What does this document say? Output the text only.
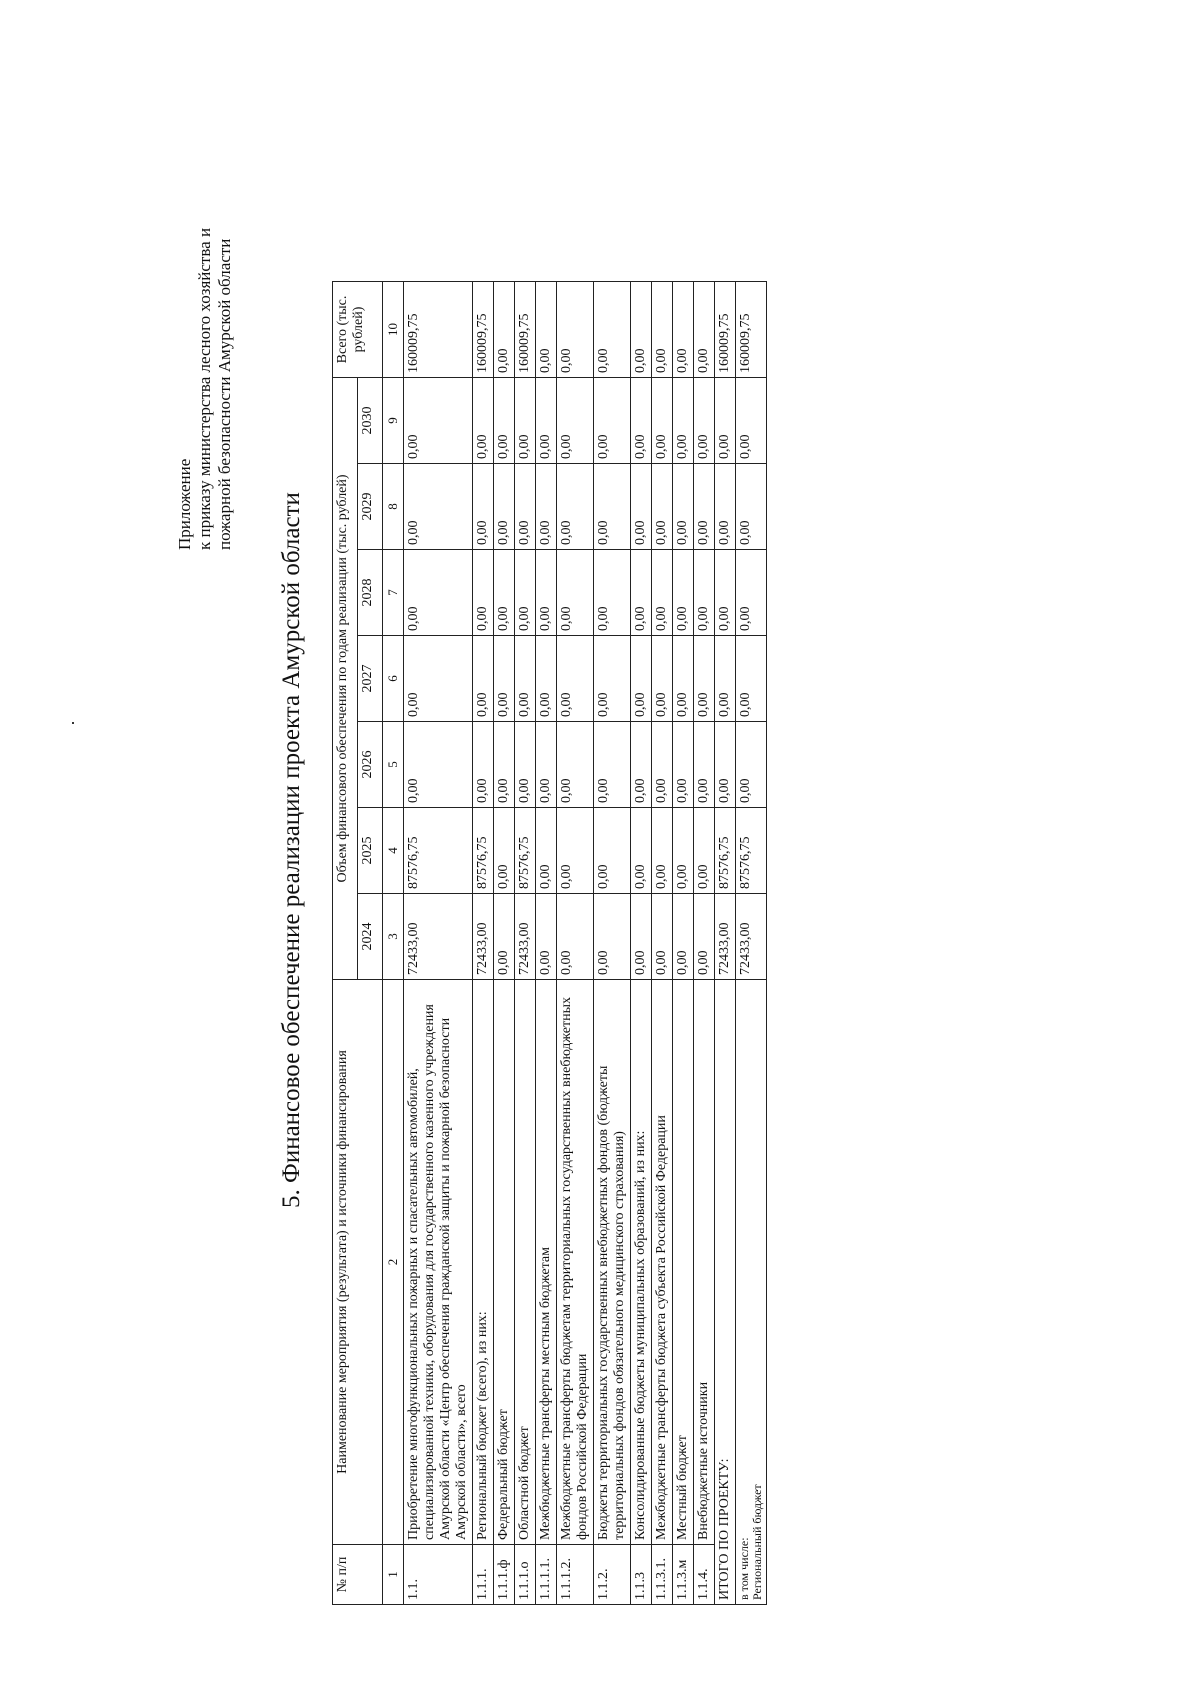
Приложение к приказу министерства лесного хозяйства и пожарной безопасности Амурской области
5. Финансовое обеспечение реализации проекта Амурской области
№ п/п	Наименование мероприятия (результата) и источники финансирования	Объем финансового обеспечения по годам реализации (тыс. рублей)							Всего (тыс. рублей)
		2024	2025	2026	2027	2028	2029	2030	
1	2	3	4	5	6	7	8	9	10
1.1.	Приобретение многофункциональных пожарных и спасательных автомобилей, специализированной техники, оборудования для государственного казенного учреждения Амурской области «Центр обеспечения гражданской защиты и пожарной безопасности Амурской области», всего	72433,00	87576,75	0,00	0,00	0,00	0,00	0,00	160009,75
1.1.1.	Региональный бюджет (всего), из них:	72433,00	87576,75	0,00	0,00	0,00	0,00	0,00	160009,75
1.1.1.ф	Федеральный бюджет	0,00	0,00	0,00	0,00	0,00	0,00	0,00	0,00
1.1.1.о	Областной бюджет	72433,00	87576,75	0,00	0,00	0,00	0,00	0,00	160009,75
1.1.1.1.	Межбюджетные трансферты местным бюджетам	0,00	0,00	0,00	0,00	0,00	0,00	0,00	0,00
1.1.1.2.	Межбюджетные трансферты бюджетам территориальных государственных внебюджетных фондов Российской Федерации	0,00	0,00	0,00	0,00	0,00	0,00	0,00	0,00
1.1.2.	Бюджеты территориальных государственных внебюджетных фондов (бюджеты территориальных фондов обязательного медицинского страхования)	0,00	0,00	0,00	0,00	0,00	0,00	0,00	0,00
1.1.3	Консолидированные бюджеты муниципальных образований, из них:	0,00	0,00	0,00	0,00	0,00	0,00	0,00	0,00
1.1.3.1.	Межбюджетные трансферты бюджета субъекта Российской Федерации	0,00	0,00	0,00	0,00	0,00	0,00	0,00	0,00
1.1.3.м	Местный бюджет	0,00	0,00	0,00	0,00	0,00	0,00	0,00	0,00
1.1.4.	Внебюджетные источники	0,00	0,00	0,00	0,00	0,00	0,00	0,00	0,00
ИТОГО ПО ПРОЕКТУ:		72433,00	87576,75	0,00	0,00	0,00	0,00	0,00	160009,75

в том числе: Региональный бюджет		72433,00	87576,75	0,00	0,00	0,00	0,00	0,00	160009,75
